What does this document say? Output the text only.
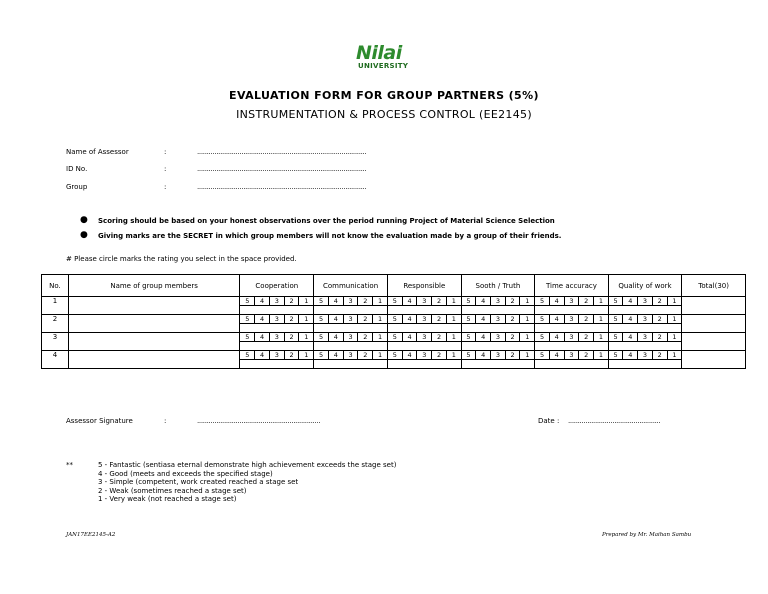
Nilai
UNIVERSITY
EVALUATION FORM FOR GROUP PARTNERS (5%)
INSTRUMENTATION & PROCESS CONTROL (EE2145)
Name of Assessor	:	........................................................................................
ID No.	:	........................................................................................
Group	:	........................................................................................
● Scoring should be based on your honest observations over the period running Project of Material Science Selection
● Giving marks are the SECRET in which group members will not know the evaluation made by a group of their friends.
# Please circle marks the rating you select in the space provided.
No.	Name of group members	Cooperation	Communication	Responsible	Sooth / Truth	Time accuracy	Quality of work	Total(30)
1		5 4 3 2 1	5 4 3 2 1	5 4 3 2 1	5 4 3 2 1	5 4 3 2 1	5 4 3 2 1	

2		5 4 3 2 1	5 4 3 2 1	5 4 3 2 1	5 4 3 2 1	5 4 3 2 1	5 4 3 2 1	

3		5 4 3 2 1	5 4 3 2 1	5 4 3 2 1	5 4 3 2 1	5 4 3 2 1	5 4 3 2 1	

4		5 4 3 2 1	5 4 3 2 1	5 4 3 2 1	5 4 3 2 1	5 4 3 2 1	5 4 3 2 1	

Assessor Signature	:	................................................................	Date : ................................................
**	5 - Fantastic (sentiasa eternal demonstrate high achievement exceeds the stage set)
4 - Good (meets and exceeds the specified stage)
3 - Simple (competent, work created reached a stage set
2 - Weak (sometimes reached a stage set)
1 - Very weak (not reached a stage set)
JAN17EE2145-A2	Prepared by Mr. Maihan Sambu
